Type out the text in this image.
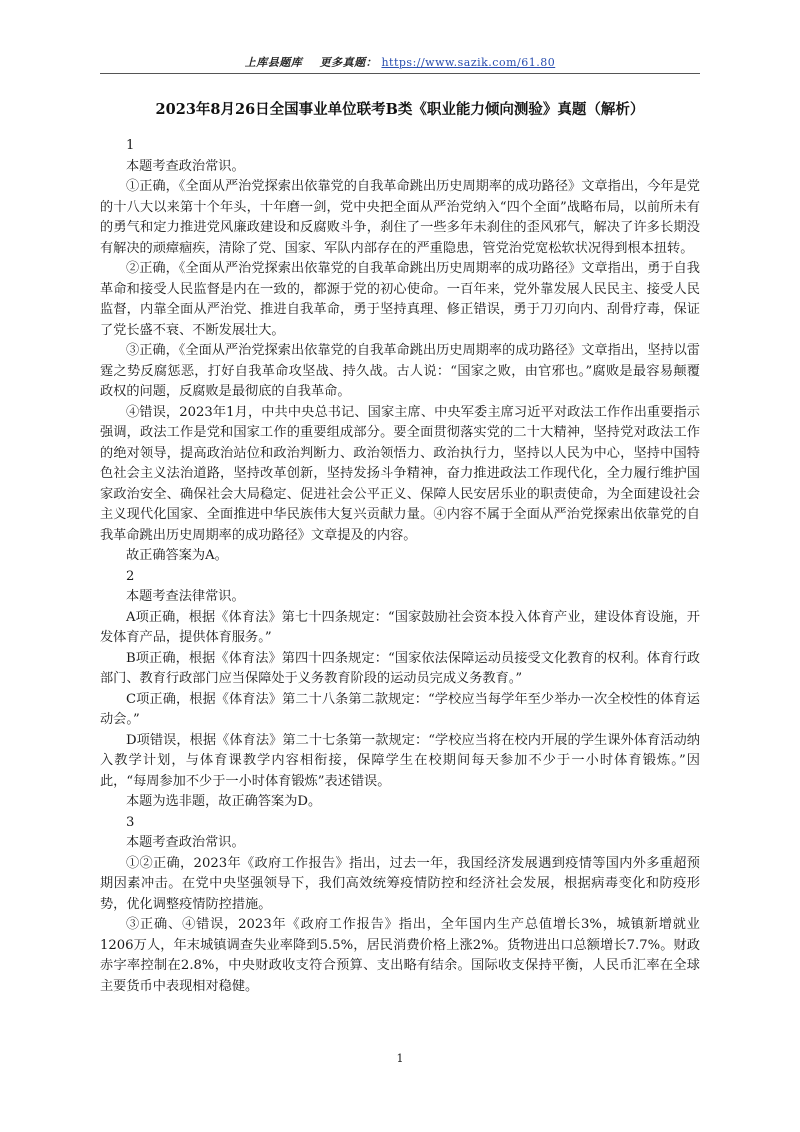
上库县题库 更多真题： https://www.sazik.com/61.80
2023年8月26日全国事业单位联考B类《职业能力倾向测验》真题（解析）

1

本题考查政治常识。

①正确，《全面从严治党探索出依靠党的自我革命跳出历史周期率的成功路径》文章指出，今年是党的十八大以来第十个年头，十年磨一剑，党中央把全面从严治党纳入“四个全面”战略布局，以前所未有的勇气和定力推进党风廉政建设和反腐败斗争，刹住了一些多年未刹住的歪风邪气，解决了许多长期没有解决的顽瘴痼疾，清除了党、国家、军队内部存在的严重隐患，管党治党宽松软状况得到根本扭转。

②正确，《全面从严治党探索出依靠党的自我革命跳出历史周期率的成功路径》文章指出，勇于自我革命和接受人民监督是内在一致的，都源于党的初心使命。一百年来，党外靠发展人民民主、接受人民监督，内靠全面从严治党、推进自我革命，勇于坚持真理、修正错误，勇于刀刃向内、刮骨疗毒，保证了党长盛不衰、不断发展壮大。

③正确，《全面从严治党探索出依靠党的自我革命跳出历史周期率的成功路径》文章指出，坚持以雷霆之势反腐惩恶，打好自我革命攻坚战、持久战。古人说：“国家之败，由官邪也。”腐败是最容易颠覆政权的问题，反腐败是最彻底的自我革命。

④错误，2023年1月，中共中央总书记、国家主席、中央军委主席习近平对政法工作作出重要指示强调，政法工作是党和国家工作的重要组成部分。要全面贯彻落实党的二十大精神，坚持党对政法工作的绝对领导，提高政治站位和政治判断力、政治领悟力、政治执行力，坚持以人民为中心，坚持中国特色社会主义法治道路，坚持改革创新，坚持发扬斗争精神，奋力推进政法工作现代化，全力履行维护国家政治安全、确保社会大局稳定、促进社会公平正义、保障人民安居乐业的职责使命，为全面建设社会主义现代化国家、全面推进中华民族伟大复兴贡献力量。④内容不属于全面从严治党探索出依靠党的自我革命跳出历史周期率的成功路径》文章提及的内容。

故正确答案为A。

2

本题考查法律常识。

A项正确，根据《体育法》第七十四条规定：“国家鼓励社会资本投入体育产业，建设体育设施，开发体育产品，提供体育服务。”

B项正确，根据《体育法》第四十四条规定：“国家依法保障运动员接受文化教育的权利。体育行政部门、教育行政部门应当保障处于义务教育阶段的运动员完成义务教育。”

C项正确，根据《体育法》第二十八条第二款规定：“学校应当每学年至少举办一次全校性的体育运动会。”

D项错误，根据《体育法》第二十七条第一款规定：“学校应当将在校内开展的学生课外体育活动纳入教学计划，与体育课教学内容相衔接，保障学生在校期间每天参加不少于一小时体育锻炼。”因此，“每周参加不少于一小时体育锻炼”表述错误。

本题为选非题，故正确答案为D。

3

本题考查政治常识。

①②正确，2023年《政府工作报告》指出，过去一年，我国经济发展遇到疫情等国内外多重超预期因素冲击。在党中央坚强领导下，我们高效统筹疫情防控和经济社会发展，根据病毒变化和防疫形势，优化调整疫情防控措施。

③正确、④错误，2023年《政府工作报告》指出，全年国内生产总值增长3%，城镇新增就业1206万人，年末城镇调查失业率降到5.5%，居民消费价格上涨2%。货物进出口总额增长7.7%。财政赤字率控制在2.8%，中央财政收支符合预算、支出略有结余。国际收支保持平衡，人民币汇率在全球主要货币中表现相对稳健。

1
